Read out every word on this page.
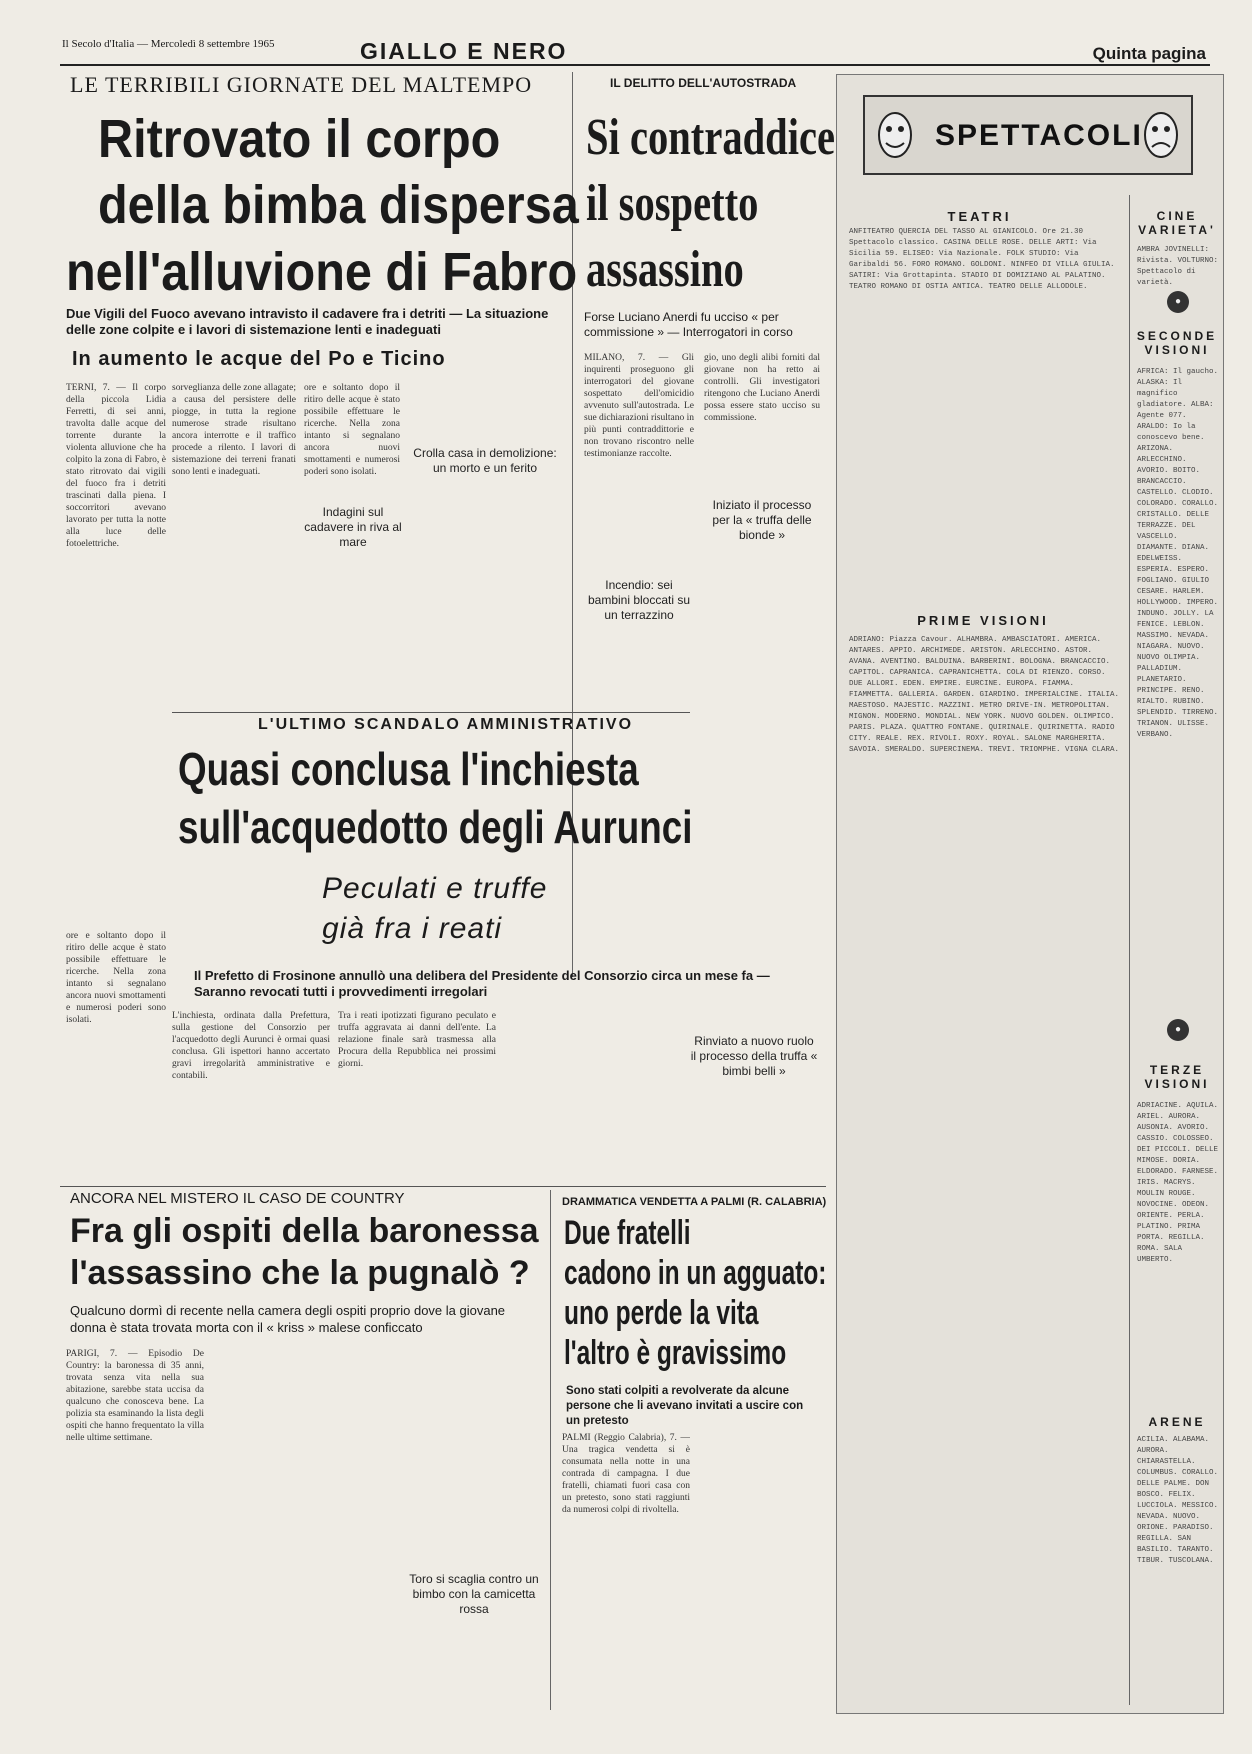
Il Secolo d'Italia — Mercoledì 8 settembre 1965	GIALLO E NERO	Quinta pagina
LE TERRIBILI GIORNATE DEL MALTEMPO
Ritrovato il corpo
della bimba dispersa
nell'alluvione di Fabro
Due Vigili del Fuoco avevano intravisto il cadavere fra i detriti — La situazione delle zone colpite e i lavori di sistemazione lenti e inadeguati
In aumento le acque del Po e Ticino

TERNI, 7. — Il corpo della piccola Lidia Ferretti, di sei anni, travolta dalle acque del torrente durante la violenta alluvione che ha colpito la zona di Fabro, è stato ritrovato dai vigili del fuoco fra i detriti trascinati dalla piena. I soccorritori avevano lavorato per tutta la notte alla luce delle fotoelettriche.

sorveglianza delle zone allagate; a causa del persistere delle piogge, in tutta la regione numerose strade risultano ancora interrotte e il traffico procede a rilento. I lavori di sistemazione dei terreni franati sono lenti e inadeguati.

ore e soltanto dopo il ritiro delle acque è stato possibile effettuare le ricerche. Nella zona intanto si segnalano ancora nuovi smottamenti e numerosi poderi sono isolati.

Crolla casa in demolizione: un morto e un ferito
Indagini sul cadavere in riva al mare
IL DELITTO DELL'AUTOSTRADA
Si contraddice
il sospetto
assassino
Forse Luciano Anerdi fu ucciso « per commissione » — Interrogatori in corso

MILANO, 7. — Gli inquirenti proseguono gli interrogatori del giovane sospettato dell'omicidio avvenuto sull'autostrada. Le sue dichiarazioni risultano in più punti contraddittorie e non trovano riscontro nelle testimonianze raccolte.

gio, uno degli alibi forniti dal giovane non ha retto ai controlli. Gli investigatori ritengono che Luciano Anerdi possa essere stato ucciso su commissione.

Iniziato il processo per la « truffa delle bionde »
Incendio: sei bambini bloccati su un terrazzino
L'ULTIMO SCANDALO AMMINISTRATIVO
Quasi conclusa l'inchiesta
sull'acquedotto degli Aurunci
Peculati e truffe
già fra i reati
Il Prefetto di Frosinone annullò una delibera del Presidente del Consorzio circa un mese fa — Saranno revocati tutti i provvedimenti irregolari

L'inchiesta, ordinata dalla Prefettura, sulla gestione del Consorzio per l'acquedotto degli Aurunci è ormai quasi conclusa. Gli ispettori hanno accertato gravi irregolarità amministrative e contabili.

Tra i reati ipotizzati figurano peculato e truffa aggravata ai danni dell'ente. La relazione finale sarà trasmessa alla Procura della Repubblica nei prossimi giorni.

Rinviato a nuovo ruolo il processo della truffa « bimbi belli »

ore e soltanto dopo il ritiro delle acque è stato possibile effettuare le ricerche. Nella zona intanto si segnalano ancora nuovi smottamenti e numerosi poderi sono isolati.

ANCORA NEL MISTERO IL CASO DE COUNTRY
Fra gli ospiti della baronessa
l'assassino che la pugnalò ?
Qualcuno dormì di recente nella camera degli ospiti proprio dove la giovane donna è stata trovata morta con il « kriss » malese conficcato

PARIGI, 7. — Episodio De Country: la baronessa di 35 anni, trovata senza vita nella sua abitazione, sarebbe stata uccisa da qualcuno che conosceva bene. La polizia sta esaminando la lista degli ospiti che hanno frequentato la villa nelle ultime settimane.

Toro si scaglia contro un bimbo con la camicetta rossa
DRAMMATICA VENDETTA A PALMI (R. CALABRIA)
Due fratelli
cadono in un agguato:
uno perde la vita
l'altro è gravissimo
Sono stati colpiti a revolverate da alcune persone che li avevano invitati a uscire con un pretesto

PALMI (Reggio Calabria), 7. — Una tragica vendetta si è consumata nella notte in una contrada di campagna. I due fratelli, chiamati fuori casa con un pretesto, sono stati raggiunti da numerosi colpi di rivoltella.

SPETTACOLI
TEATRI
ANFITEATRO QUERCIA DEL TASSO AL GIANICOLO. Ore 21.30 Spettacolo classico. CASINA DELLE ROSE. DELLE ARTI: Via Sicilia 59. ELISEO: Via Nazionale. FOLK STUDIO: Via Garibaldi 56. FORO ROMANO. GOLDONI. NINFEO DI VILLA GIULIA. SATIRI: Via Grottapinta. STADIO DI DOMIZIANO AL PALATINO. TEATRO ROMANO DI OSTIA ANTICA. TEATRO DELLE ALLODOLE.
CINE VARIETA'
AMBRA JOVINELLI: Rivista. VOLTURNO: Spettacolo di varietà.
●
SECONDE VISIONI
AFRICA: Il gaucho. ALASKA: Il magnifico gladiatore. ALBA: Agente 077. ARALDO: Io la conoscevo bene. ARIZONA. ARLECCHINO. AVORIO. BOITO. BRANCACCIO. CASTELLO. CLODIO. COLORADO. CORALLO. CRISTALLO. DELLE TERRAZZE. DEL VASCELLO. DIAMANTE. DIANA. EDELWEISS. ESPERIA. ESPERO. FOGLIANO. GIULIO CESARE. HARLEM. HOLLYWOOD. IMPERO. INDUNO. JOLLY. LA FENICE. LEBLON. MASSIMO. NEVADA. NIAGARA. NUOVO. NUOVO OLIMPIA. PALLADIUM. PLANETARIO. PRINCIPE. RENO. RIALTO. RUBINO. SPLENDID. TIRRENO. TRIANON. ULISSE. VERBANO.
PRIME VISIONI
ADRIANO: Piazza Cavour. ALHAMBRA. AMBASCIATORI. AMERICA. ANTARES. APPIO. ARCHIMEDE. ARISTON. ARLECCHINO. ASTOR. AVANA. AVENTINO. BALDUINA. BARBERINI. BOLOGNA. BRANCACCIO. CAPITOL. CAPRANICA. CAPRANICHETTA. COLA DI RIENZO. CORSO. DUE ALLORI. EDEN. EMPIRE. EURCINE. EUROPA. FIAMMA. FIAMMETTA. GALLERIA. GARDEN. GIARDINO. IMPERIALCINE. ITALIA. MAESTOSO. MAJESTIC. MAZZINI. METRO DRIVE-IN. METROPOLITAN. MIGNON. MODERNO. MONDIAL. NEW YORK. NUOVO GOLDEN. OLIMPICO. PARIS. PLAZA. QUATTRO FONTANE. QUIRINALE. QUIRINETTA. RADIO CITY. REALE. REX. RIVOLI. ROXY. ROYAL. SALONE MARGHERITA. SAVOIA. SMERALDO. SUPERCINEMA. TREVI. TRIOMPHE. VIGNA CLARA.
●
TERZE VISIONI
ADRIACINE. AQUILA. ARIEL. AURORA. AUSONIA. AVORIO. CASSIO. COLOSSEO. DEI PICCOLI. DELLE MIMOSE. DORIA. ELDORADO. FARNESE. IRIS. MACRYS. MOULIN ROUGE. NOVOCINE. ODEON. ORIENTE. PERLA. PLATINO. PRIMA PORTA. REGILLA. ROMA. SALA UMBERTO.
ARENE
ACILIA. ALABAMA. AURORA. CHIARASTELLA. COLUMBUS. CORALLO. DELLE PALME. DON BOSCO. FELIX. LUCCIOLA. MESSICO. NEVADA. NUOVO. ORIONE. PARADISO. REGILLA. SAN BASILIO. TARANTO. TIBUR. TUSCOLANA.
